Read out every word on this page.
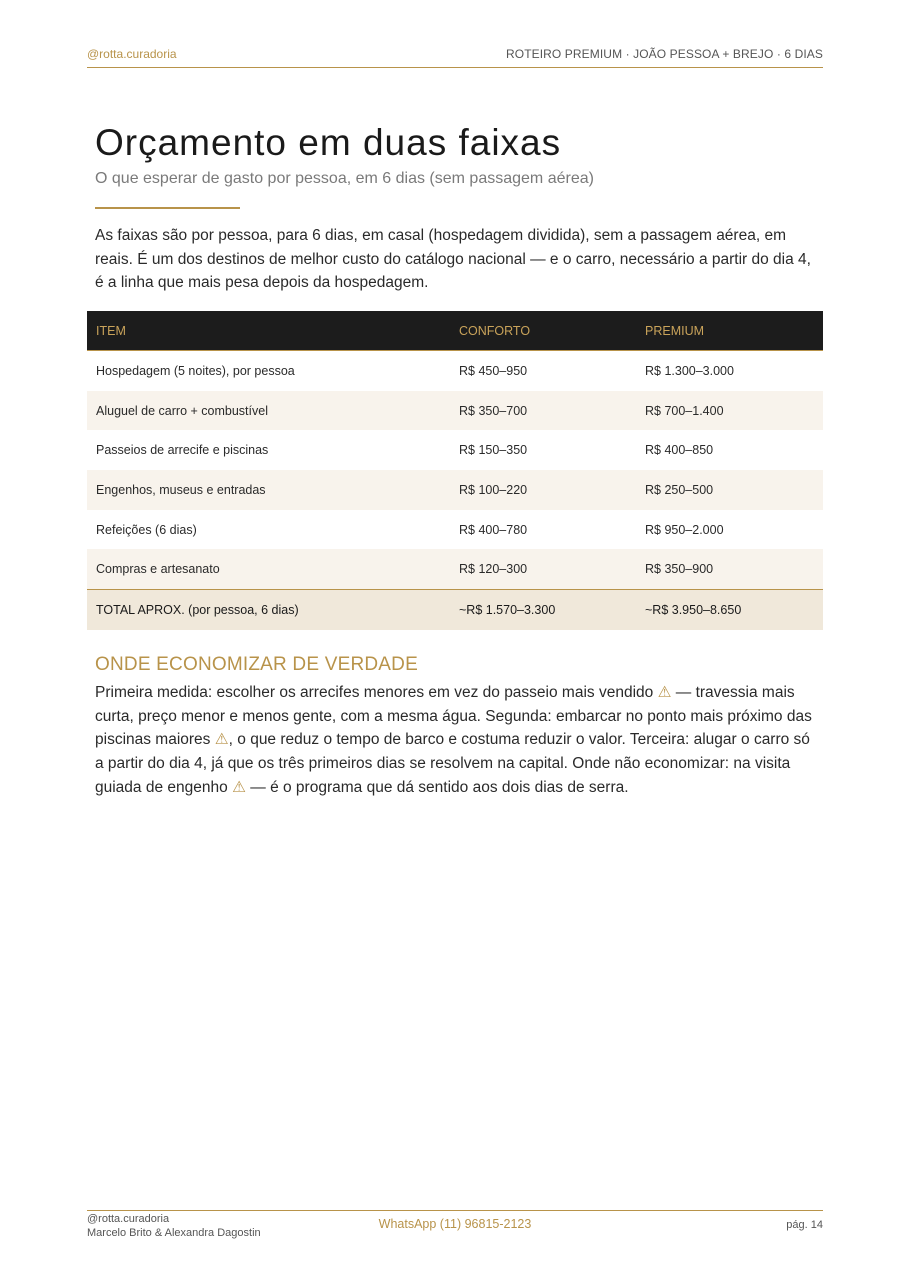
@rotta.curadoria	ROTEIRO PREMIUM · JOÃO PESSOA + BREJO · 6 DIAS
Orçamento em duas faixas
O que esperar de gasto por pessoa, em 6 dias (sem passagem aérea)

As faixas são por pessoa, para 6 dias, em casal (hospedagem dividida), sem a passagem aérea, em reais. É um dos destinos de melhor custo do catálogo nacional — e o carro, necessário a partir do dia 4, é a linha que mais pesa depois da hospedagem.

ITEM	CONFORTO	PREMIUM
Hospedagem (5 noites), por pessoa	R$ 450–950	R$ 1.300–3.000
Aluguel de carro + combustível	R$ 350–700	R$ 700–1.400
Passeios de arrecife e piscinas	R$ 150–350	R$ 400–850
Engenhos, museus e entradas	R$ 100–220	R$ 250–500
Refeições (6 dias)	R$ 400–780	R$ 950–2.000
Compras e artesanato	R$ 120–300	R$ 350–900
TOTAL APROX. (por pessoa, 6 dias)	~R$ 1.570–3.300	~R$ 3.950–8.650
ONDE ECONOMIZAR DE VERDADE

Primeira medida: escolher os arrecifes menores em vez do passeio mais vendido ⚠ — travessia mais curta, preço menor e menos gente, com a mesma água. Segunda: embarcar no ponto mais próximo das piscinas maiores ⚠, o que reduz o tempo de barco e costuma reduzir o valor. Terceira: alugar o carro só a partir do dia 4, já que os três primeiros dias se resolvem na capital. Onde não economizar: na visita guiada de engenho ⚠ — é o programa que dá sentido aos dois dias de serra.

@rotta.curadoria
Marcelo Brito & Alexandra Dagostin
WhatsApp (11) 96815-2123	pág. 14
